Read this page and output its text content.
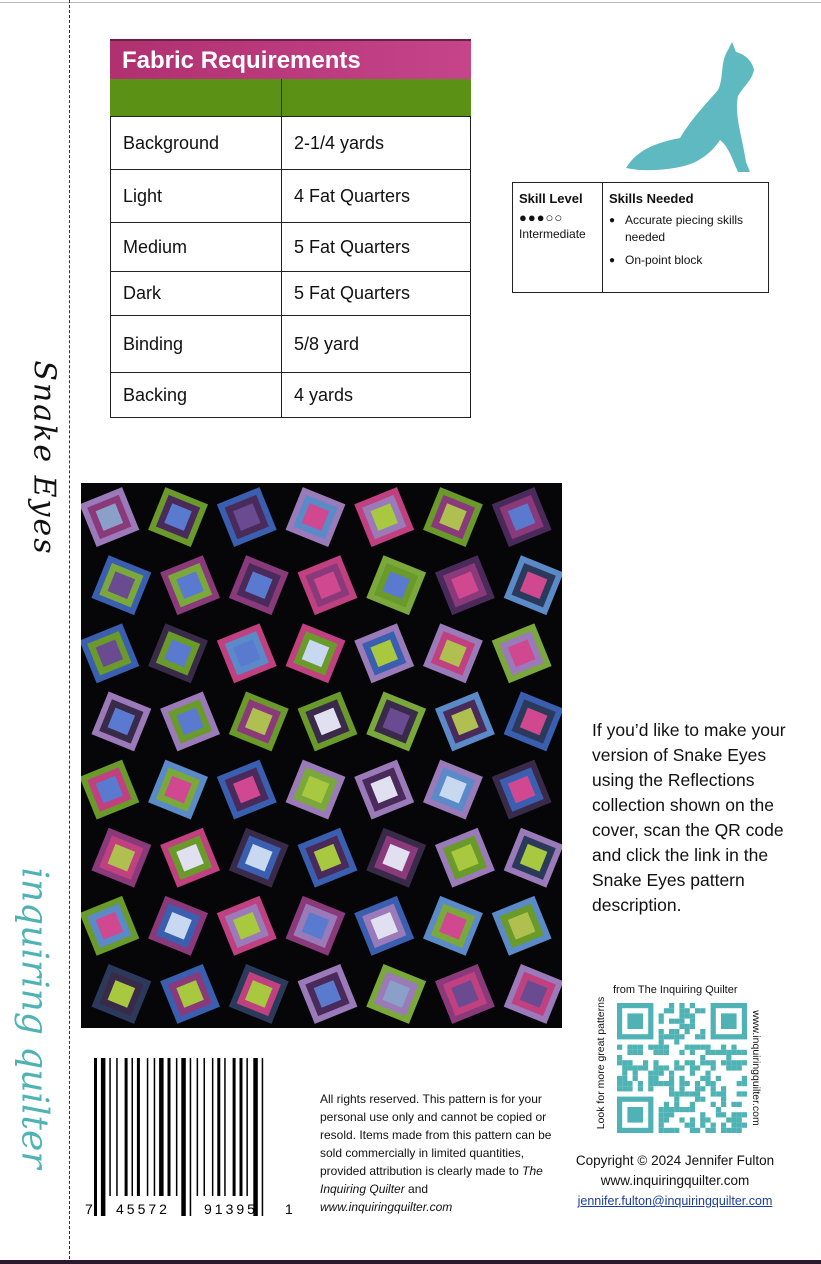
Snake Eyes
inquiring quilter
Fabric Requirements
Background	2-1/4 yards
Light	4 Fat Quarters
Medium	5 Fat Quarters
Dark	5 Fat Quarters
Binding	5/8 yard
Backing	4 yards
Skill Level
●●●○○
Intermediate
Skills Needed
● Accurate piecing skills needed
● On-point block
If you’d like to make your version of Snake Eyes using the Reflections collection shown on the cover, scan the QR code and click the link in the Snake Eyes pattern description.
from The Inquiring Quilter
Look for more great patterns	www.inquiringquilter.com
Copyright © 2024 Jennifer Fulton
www.inquiringquilter.com
jennifer.fulton@inquiringquilter.com
All rights reserved. This pattern is for your personal use only and cannot be copied or resold. Items made from this pattern can be sold commercially in limited quantities, provided attribution is clearly made to The Inquiring Quilter and www.inquiringquilter.com
7 45572 91395 1
